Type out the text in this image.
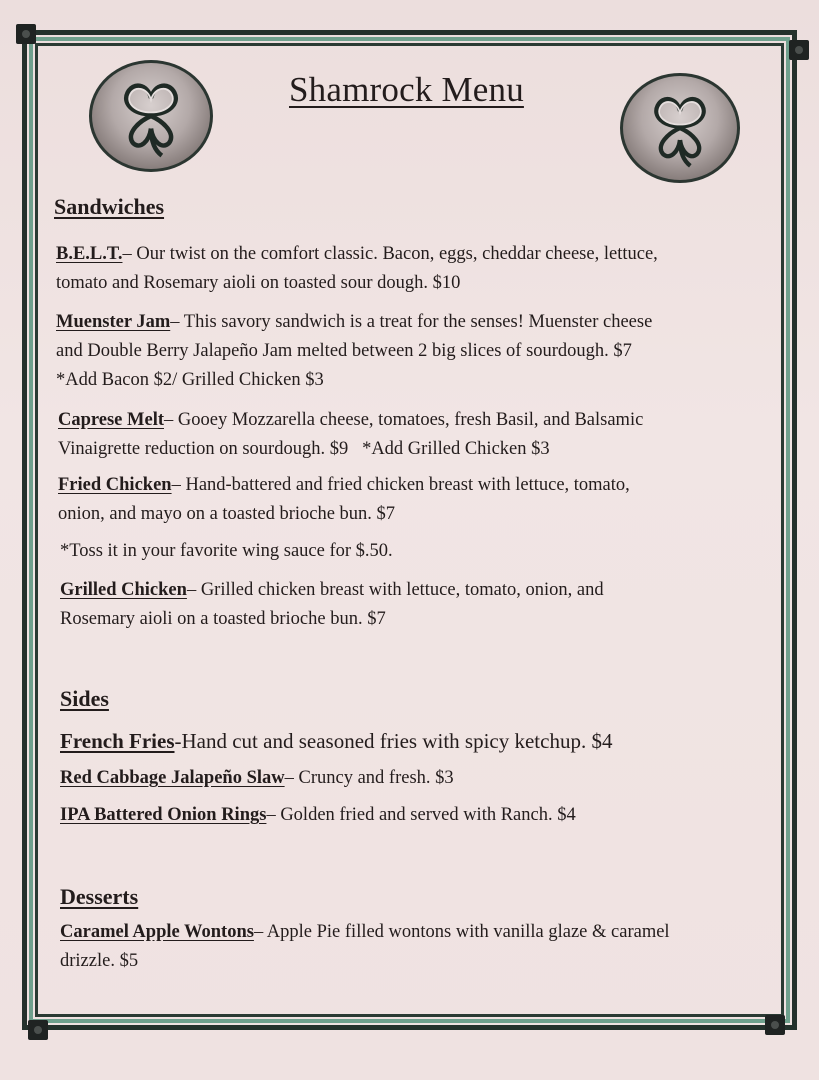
Shamrock Menu
Sandwiches
B.E.L.T.– Our twist on the comfort classic. Bacon, eggs, cheddar cheese, lettuce,
tomato and Rosemary aioli on toasted sour dough. $10
Muenster Jam– This savory sandwich is a treat for the senses! Muenster cheese
and Double Berry Jalapeño Jam melted between 2 big slices of sourdough. $7
*Add Bacon $2/ Grilled Chicken $3
Caprese Melt– Gooey Mozzarella cheese, tomatoes, fresh Basil, and Balsamic
Vinaigrette reduction on sourdough. $9   *Add Grilled Chicken $3
Fried Chicken– Hand-battered and fried chicken breast with lettuce, tomato,
onion, and mayo on a toasted brioche bun. $7
*Toss it in your favorite wing sauce for $.50.
Grilled Chicken– Grilled chicken breast with lettuce, tomato, onion, and
Rosemary aioli on a toasted brioche bun. $7
Sides
French Fries-Hand cut and seasoned fries with spicy ketchup. $4
Red Cabbage Jalapeño Slaw– Cruncy and fresh. $3
IPA Battered Onion Rings– Golden fried and served with Ranch. $4
Desserts
Caramel Apple Wontons– Apple Pie filled wontons with vanilla glaze & caramel
drizzle. $5
